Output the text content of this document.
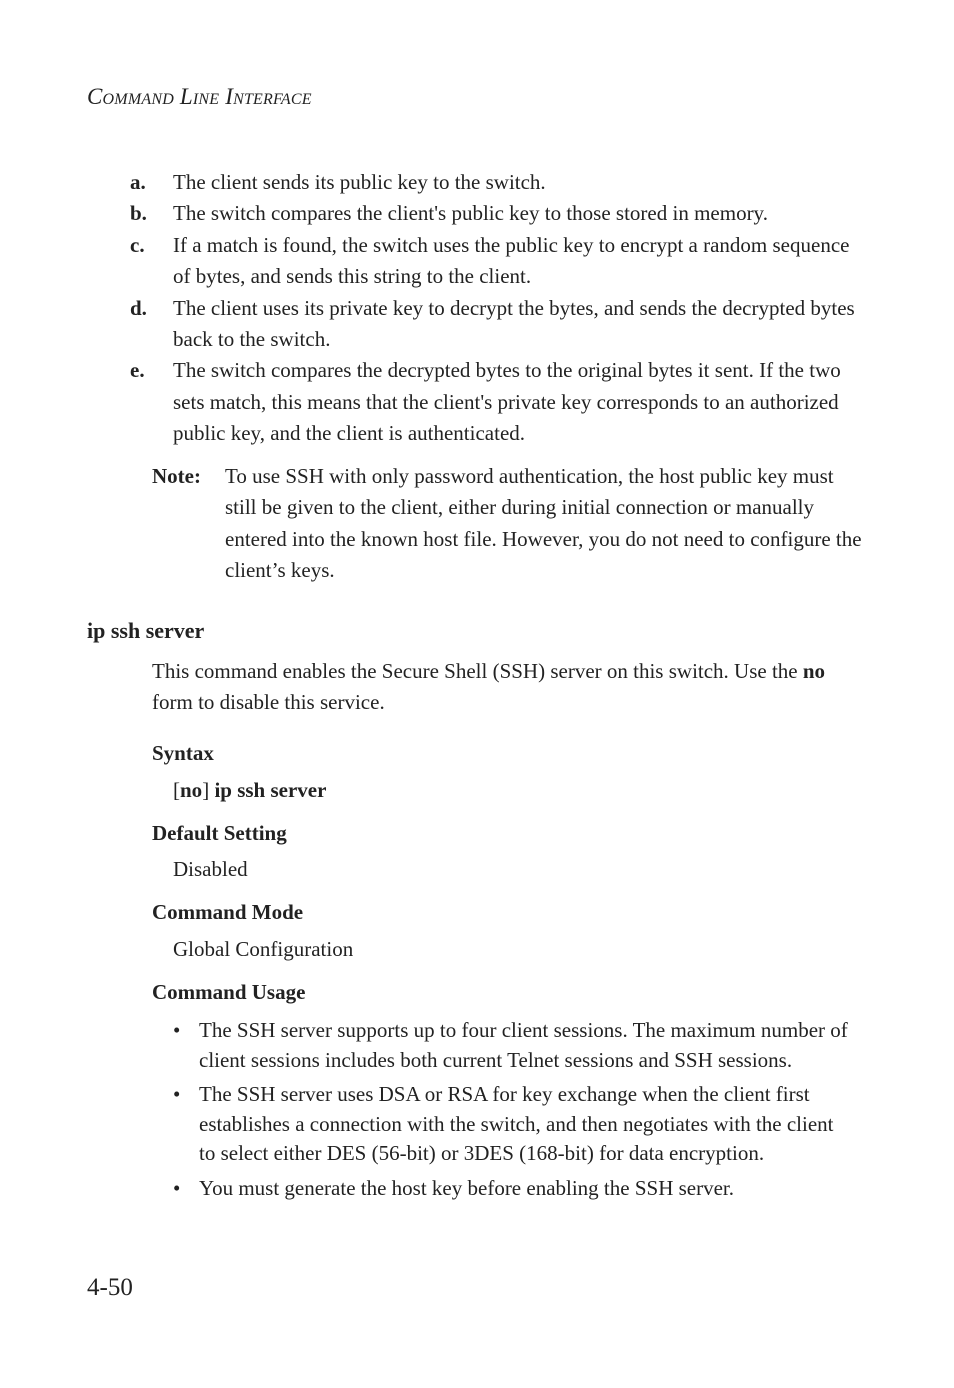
Command Line Interface
a. The client sends its public key to the switch.
b. The switch compares the client's public key to those stored in memory.
c. If a match is found, the switch uses the public key to encrypt a random sequence of bytes, and sends this string to the client.
d. The client uses its private key to decrypt the bytes, and sends the decrypted bytes back to the switch.
e. The switch compares the decrypted bytes to the original bytes it sent. If the two sets match, this means that the client's private key corresponds to an authorized public key, and the client is authenticated.
Note:	To use SSH with only password authentication, the host public key must still be given to the client, either during initial connection or manually entered into the known host file. However, you do not need to configure the client’s keys.
ip ssh server
This command enables the Secure Shell (SSH) server on this switch. Use the no form to disable this service.
Syntax
[no] ip ssh server
Default Setting
Disabled
Command Mode
Global Configuration
Command Usage
• The SSH server supports up to four client sessions. The maximum number of client sessions includes both current Telnet sessions and SSH sessions.
• The SSH server uses DSA or RSA for key exchange when the client first establishes a connection with the switch, and then negotiates with the client to select either DES (56-bit) or 3DES (168-bit) for data encryption.
• You must generate the host key before enabling the SSH server.
4-50
